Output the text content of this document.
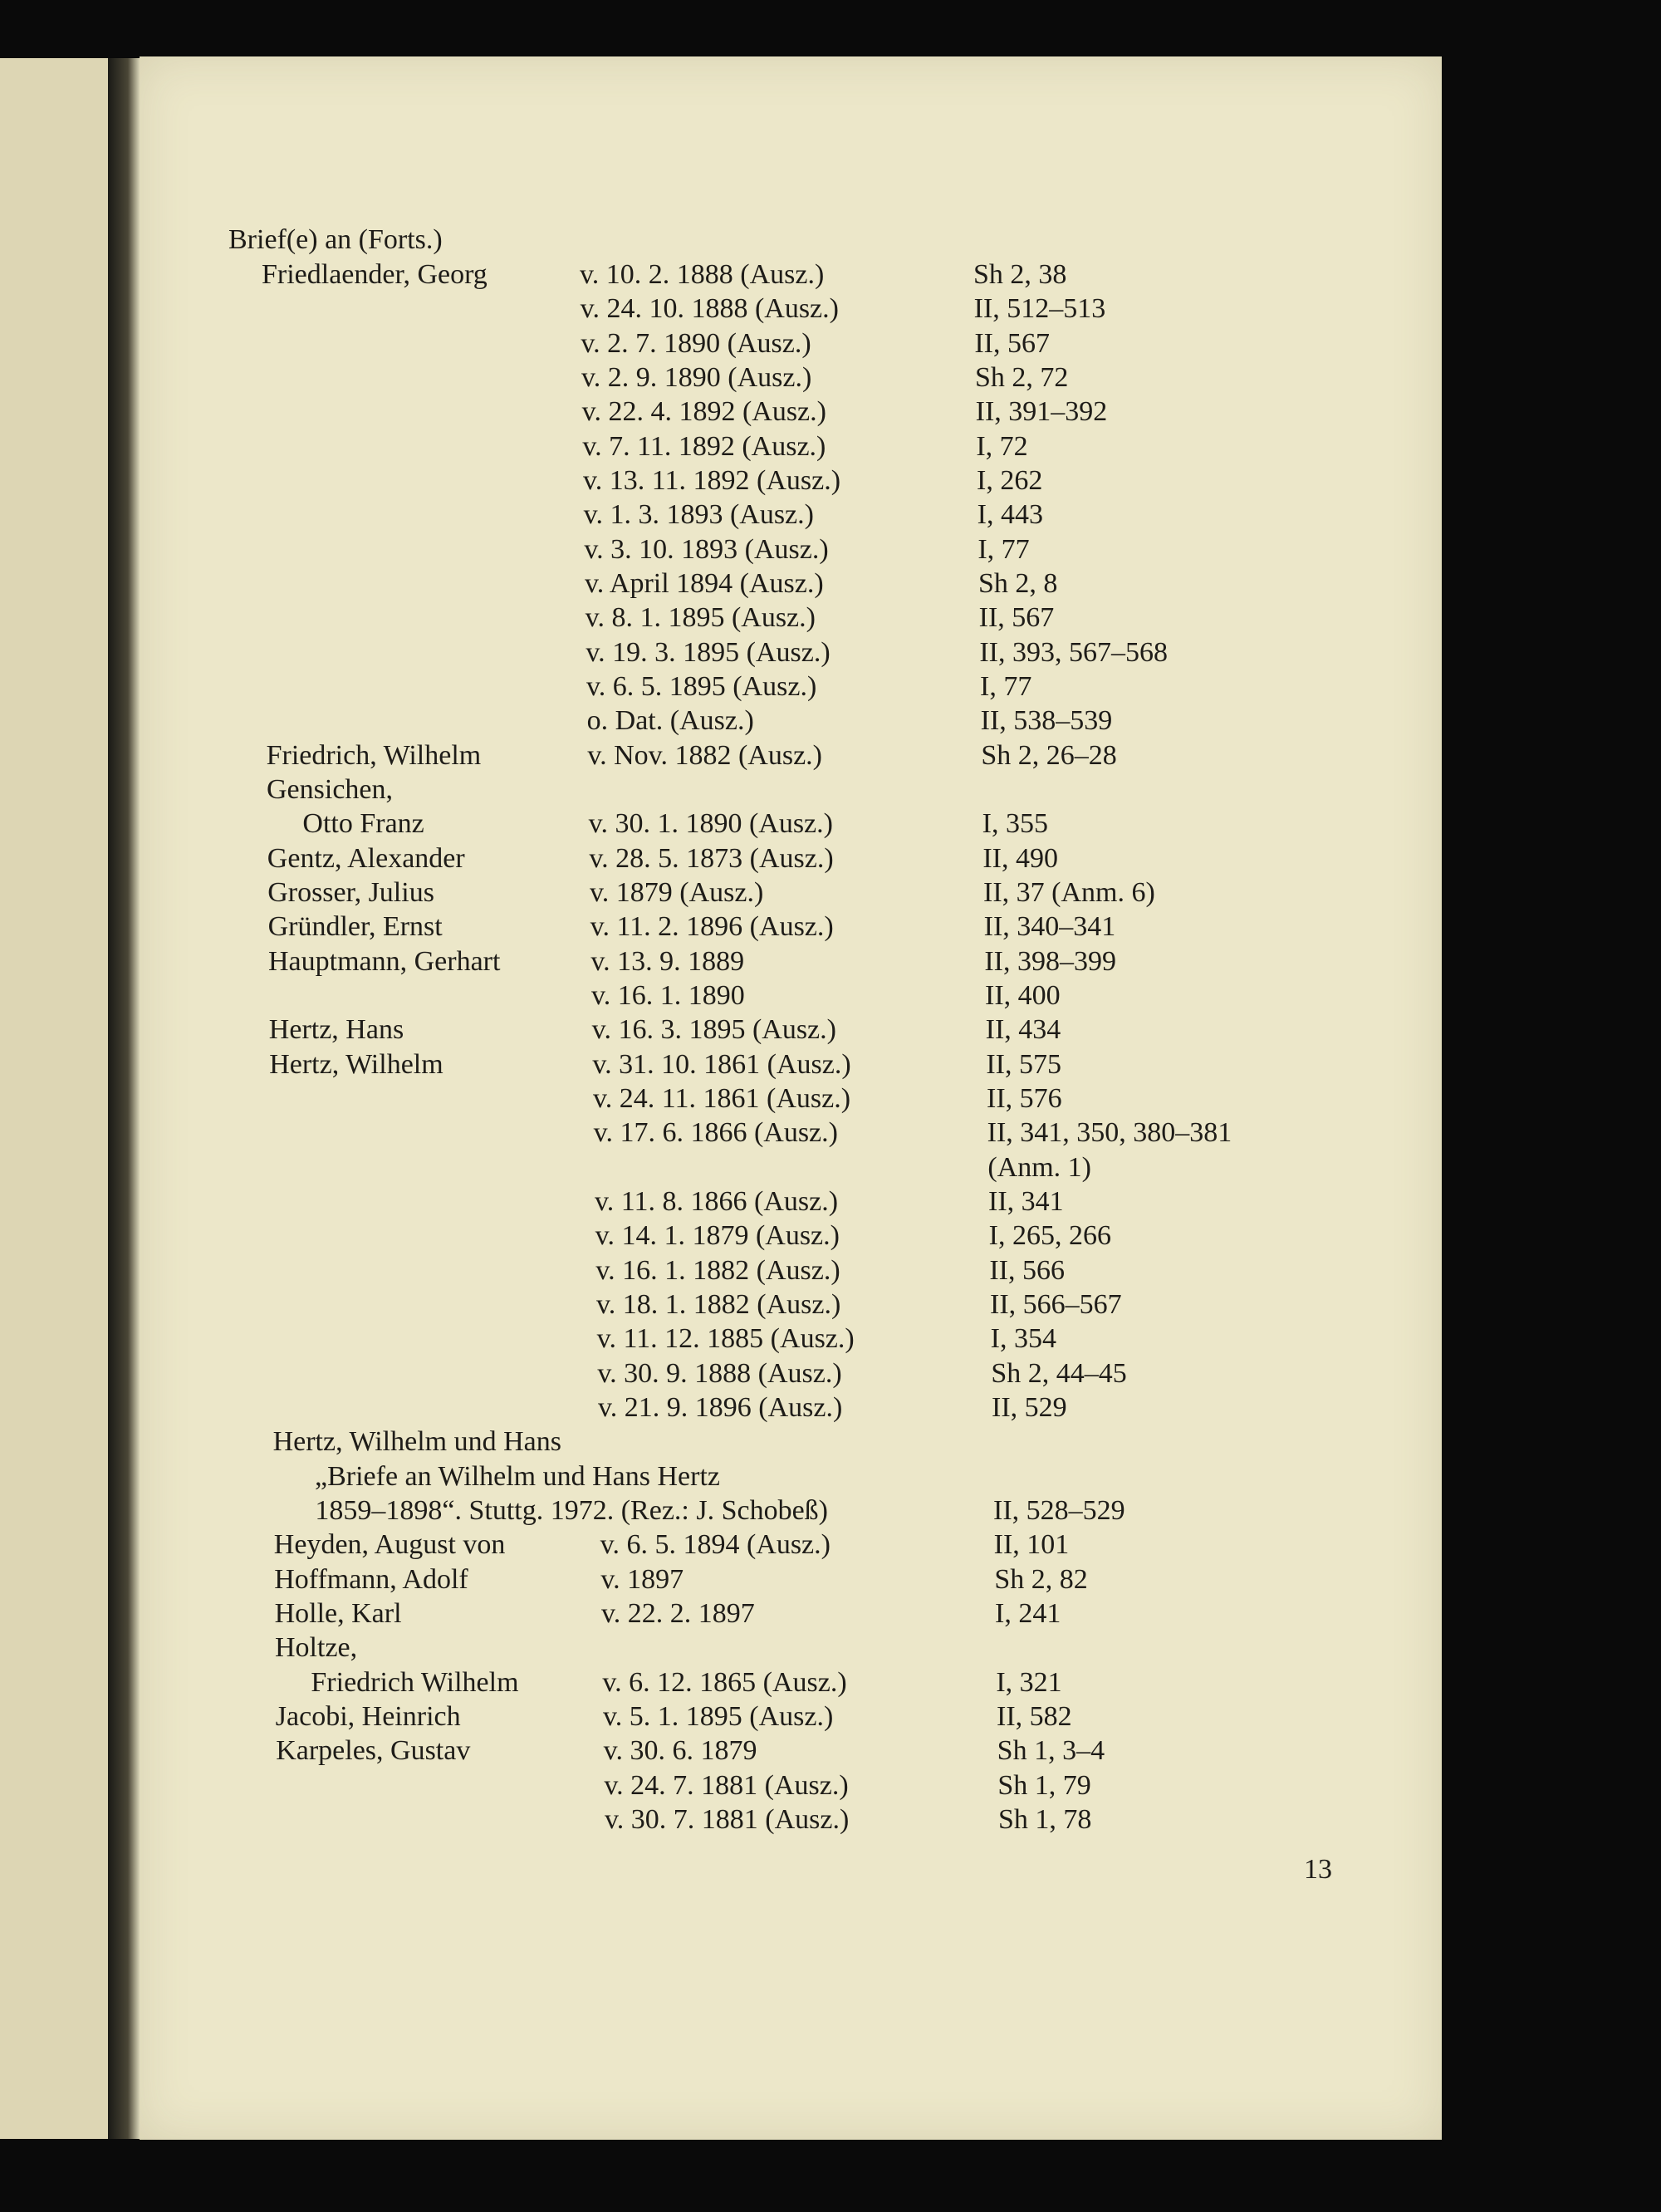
Brief(e) an (Forts.)
Friedlaender, Georg	v. 10. 2. 1888 (Ausz.)	Sh 2, 38
v. 24. 10. 1888 (Ausz.)	II, 512–513
v. 2. 7. 1890 (Ausz.)	II, 567
v. 2. 9. 1890 (Ausz.)	Sh 2, 72
v. 22. 4. 1892 (Ausz.)	II, 391–392
v. 7. 11. 1892 (Ausz.)	I, 72
v. 13. 11. 1892 (Ausz.)	I, 262
v. 1. 3. 1893 (Ausz.)	I, 443
v. 3. 10. 1893 (Ausz.)	I, 77
v. April 1894 (Ausz.)	Sh 2, 8
v. 8. 1. 1895 (Ausz.)	II, 567
v. 19. 3. 1895 (Ausz.)	II, 393, 567–568
v. 6. 5. 1895 (Ausz.)	I, 77
o. Dat. (Ausz.)	II, 538–539
Friedrich, Wilhelm	v. Nov. 1882 (Ausz.)	Sh 2, 26–28
Gensichen,
Otto Franz	v. 30. 1. 1890 (Ausz.)	I, 355
Gentz, Alexander	v. 28. 5. 1873 (Ausz.)	II, 490
Grosser, Julius	v. 1879 (Ausz.)	II, 37 (Anm. 6)
Gründler, Ernst	v. 11. 2. 1896 (Ausz.)	II, 340–341
Hauptmann, Gerhart	v. 13. 9. 1889	II, 398–399
v. 16. 1. 1890	II, 400
Hertz, Hans	v. 16. 3. 1895 (Ausz.)	II, 434
Hertz, Wilhelm	v. 31. 10. 1861 (Ausz.)	II, 575
v. 24. 11. 1861 (Ausz.)	II, 576
v. 17. 6. 1866 (Ausz.)	II, 341, 350, 380–381
(Anm. 1)
v. 11. 8. 1866 (Ausz.)	II, 341
v. 14. 1. 1879 (Ausz.)	I, 265, 266
v. 16. 1. 1882 (Ausz.)	II, 566
v. 18. 1. 1882 (Ausz.)	II, 566–567
v. 11. 12. 1885 (Ausz.)	I, 354
v. 30. 9. 1888 (Ausz.)	Sh 2, 44–45
v. 21. 9. 1896 (Ausz.)	II, 529
Hertz, Wilhelm und Hans
„Briefe an Wilhelm und Hans Hertz
1859–1898“. Stuttg. 1972. (Rez.: J. Schobeß)	II, 528–529
Heyden, August von	v. 6. 5. 1894 (Ausz.)	II, 101
Hoffmann, Adolf	v. 1897	Sh 2, 82
Holle, Karl	v. 22. 2. 1897	I, 241
Holtze,
Friedrich Wilhelm	v. 6. 12. 1865 (Ausz.)	I, 321
Jacobi, Heinrich	v. 5. 1. 1895 (Ausz.)	II, 582
Karpeles, Gustav	v. 30. 6. 1879	Sh 1, 3–4
v. 24. 7. 1881 (Ausz.)	Sh 1, 79
v. 30. 7. 1881 (Ausz.)	Sh 1, 78
13
